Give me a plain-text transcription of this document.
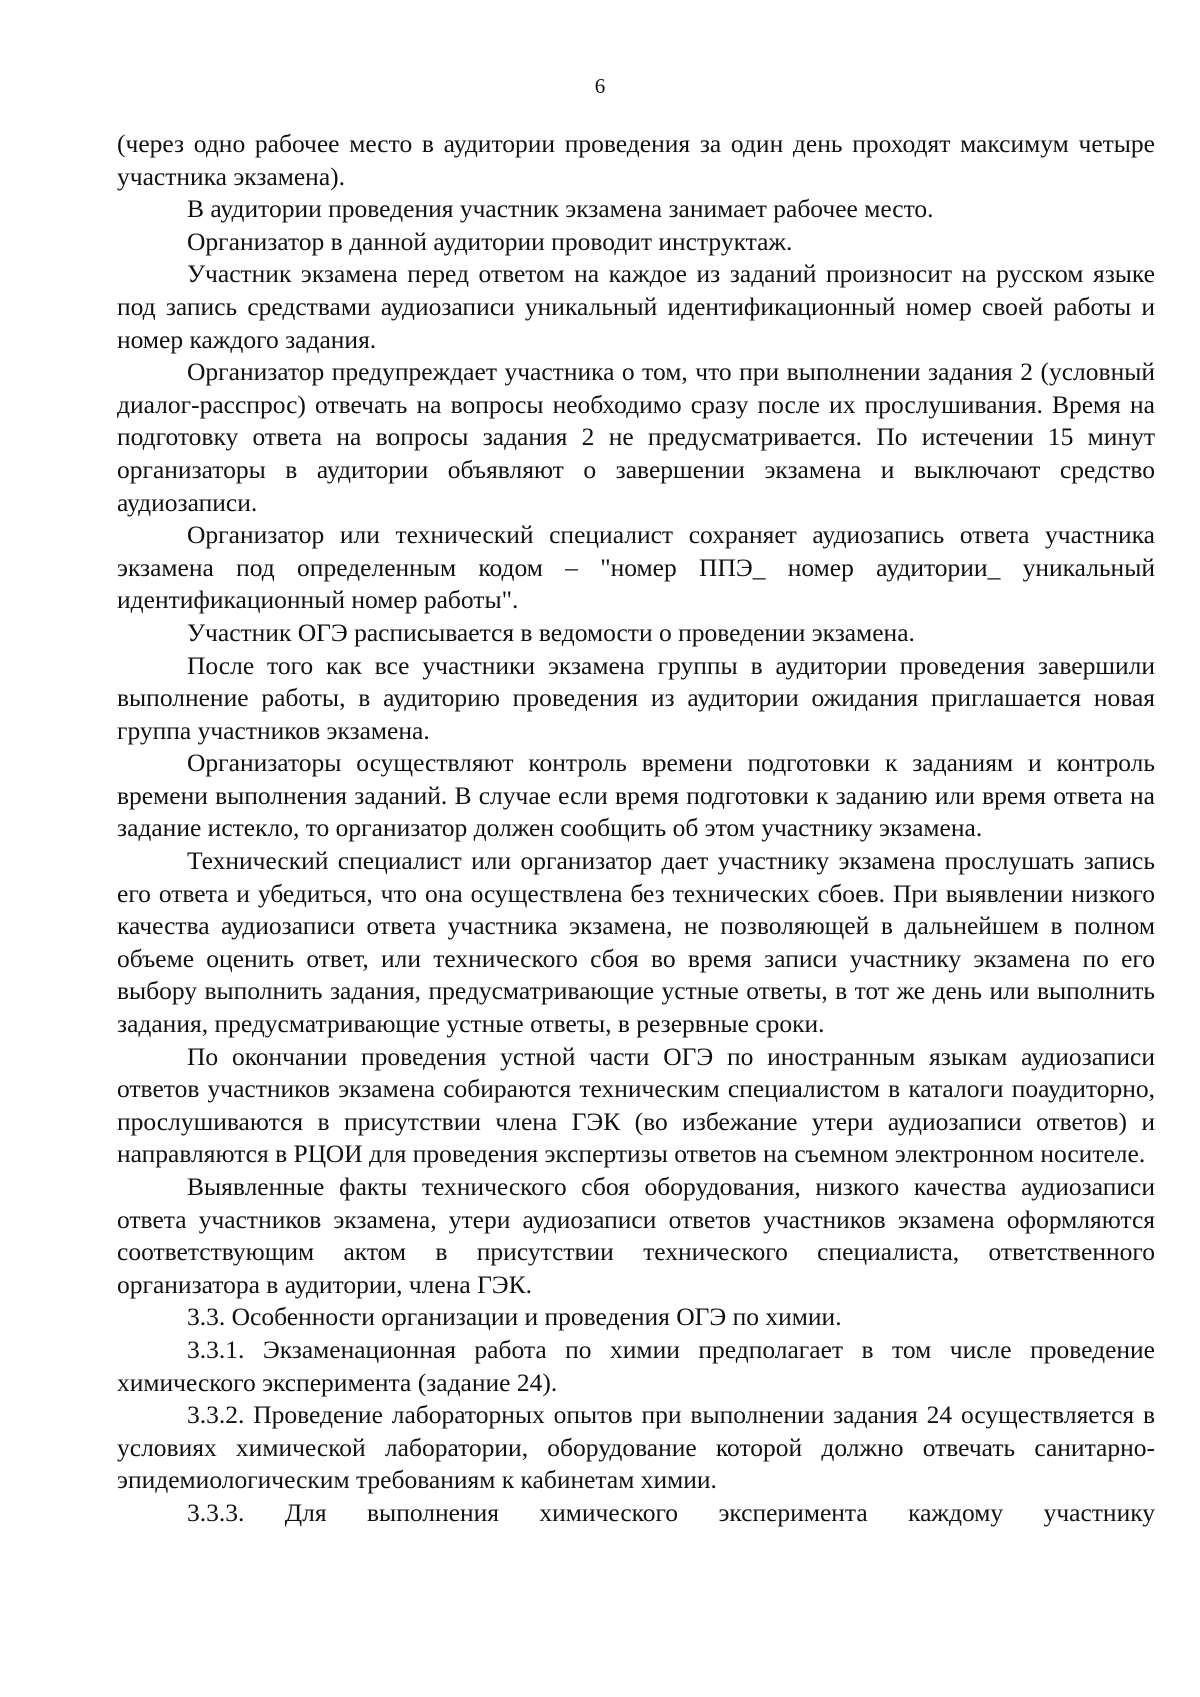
6

(через одно рабочее место в аудитории проведения за один день проходят максимум четыре участника экзамена).

В аудитории проведения участник экзамена занимает рабочее место.

Организатор в данной аудитории проводит инструктаж.

Участник экзамена перед ответом на каждое из заданий произносит на русском языке под запись средствами аудиозаписи уникальный идентификационный номер своей работы и номер каждого задания.

Организатор предупреждает участника о том, что при выполнении задания 2 (условный диалог-расспрос) отвечать на вопросы необходимо сразу после их прослушивания. Время на подготовку ответа на вопросы задания 2 не предусматривается. По истечении 15 минут организаторы в аудитории объявляют о завершении экзамена и выключают средство аудиозаписи.

Организатор или технический специалист сохраняет аудиозапись ответа участника экзамена под определенным кодом – "номер ППЭ_ номер аудитории_ уникальный идентификационный номер работы".

Участник ОГЭ расписывается в ведомости о проведении экзамена.

После того как все участники экзамена группы в аудитории проведения завершили выполнение работы, в аудиторию проведения из аудитории ожидания приглашается новая группа участников экзамена.

Организаторы осуществляют контроль времени подготовки к заданиям и контроль времени выполнения заданий. В случае если время подготовки к заданию или время ответа на задание истекло, то организатор должен сообщить об этом участнику экзамена.

Технический специалист или организатор дает участнику экзамена прослушать запись его ответа и убедиться, что она осуществлена без технических сбоев. При выявлении низкого качества аудиозаписи ответа участника экзамена, не позволяющей в дальнейшем в полном объеме оценить ответ, или технического сбоя во время записи участнику экзамена по его выбору выполнить задания, предусматривающие устные ответы, в тот же день или выполнить задания, предусматривающие устные ответы, в резервные сроки.

По окончании проведения устной части ОГЭ по иностранным языкам аудиозаписи ответов участников экзамена собираются техническим специалистом в каталоги поаудиторно, прослушиваются в присутствии члена ГЭК (во избежание утери аудиозаписи ответов) и направляются в РЦОИ для проведения экспертизы ответов на съемном электронном носителе.

Выявленные факты технического сбоя оборудования, низкого качества аудиозаписи ответа участников экзамена, утери аудиозаписи ответов участников экзамена оформляются соответствующим актом в присутствии технического специалиста, ответственного организатора в аудитории, члена ГЭК.

3.3. Особенности организации и проведения ОГЭ по химии.

3.3.1. Экзаменационная работа по химии предполагает в том числе проведение химического эксперимента (задание 24).

3.3.2. Проведение лабораторных опытов при выполнении задания 24 осуществляется в условиях химической лаборатории, оборудование которой должно отвечать санитарно-эпидемиологическим требованиям к кабинетам химии.

3.3.3. Для выполнения химического эксперимента каждому участнику
